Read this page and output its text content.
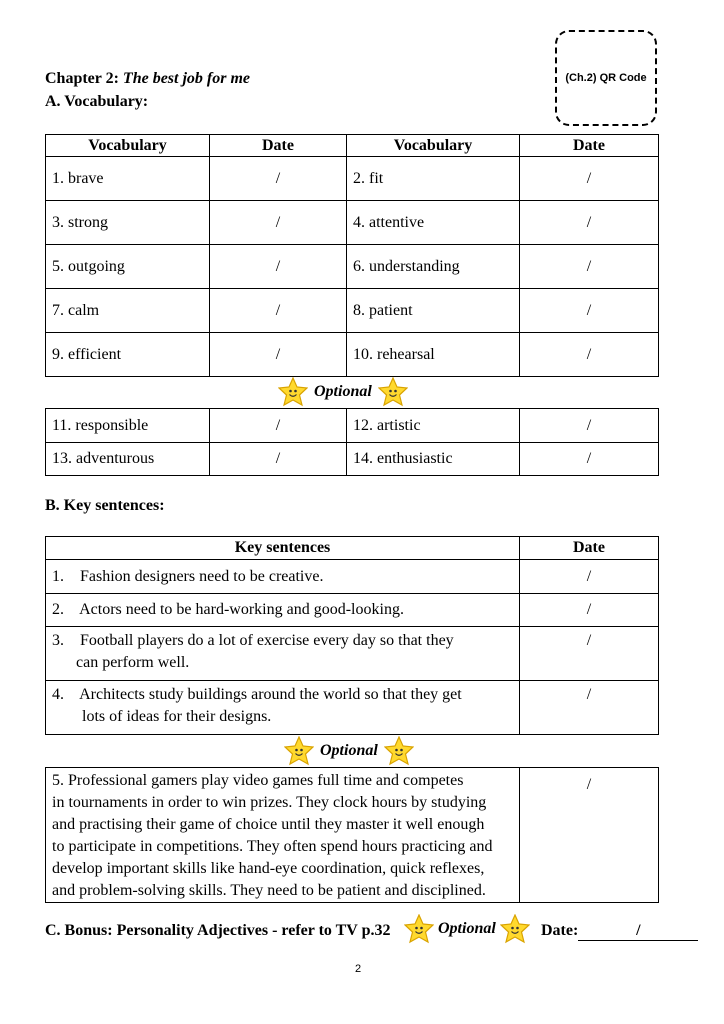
(Ch.2) QR Code
Chapter 2: The best job for me
A. Vocabulary:
Vocabulary	Date	Vocabulary	Date
1. brave	/	2. fit	/
3. strong	/	4. attentive	/
5. outgoing	/	6. understanding	/
7. calm	/	8. patient	/
9. efficient	/	10. rehearsal	/
Optional
11. responsible	/	12. artistic	/
13. adventurous	/	14. enthusiastic	/
B. Key sentences:
Key sentences	Date
1. Fashion designers need to be creative.	/
2. Actors need to be hard-working and good-looking.	/
3. Football players do a lot of exercise every day so that they
can perform well.	/
4. Architects study buildings around the world so that they get
lots of ideas for their designs.	/
Optional
5. Professional gamers play video games full time and competes
in tournaments in order to win prizes. They clock hours by studying
and practising their game of choice until they master it well enough
to participate in competitions. They often spend hours practicing and
develop important skills like hand-eye coordination, quick reflexes,
and problem-solving skills. They need to be patient and disciplined.
	/
C. Bonus: Personality Adjectives - refer to TV p.32	Optional	Date:	/
2
